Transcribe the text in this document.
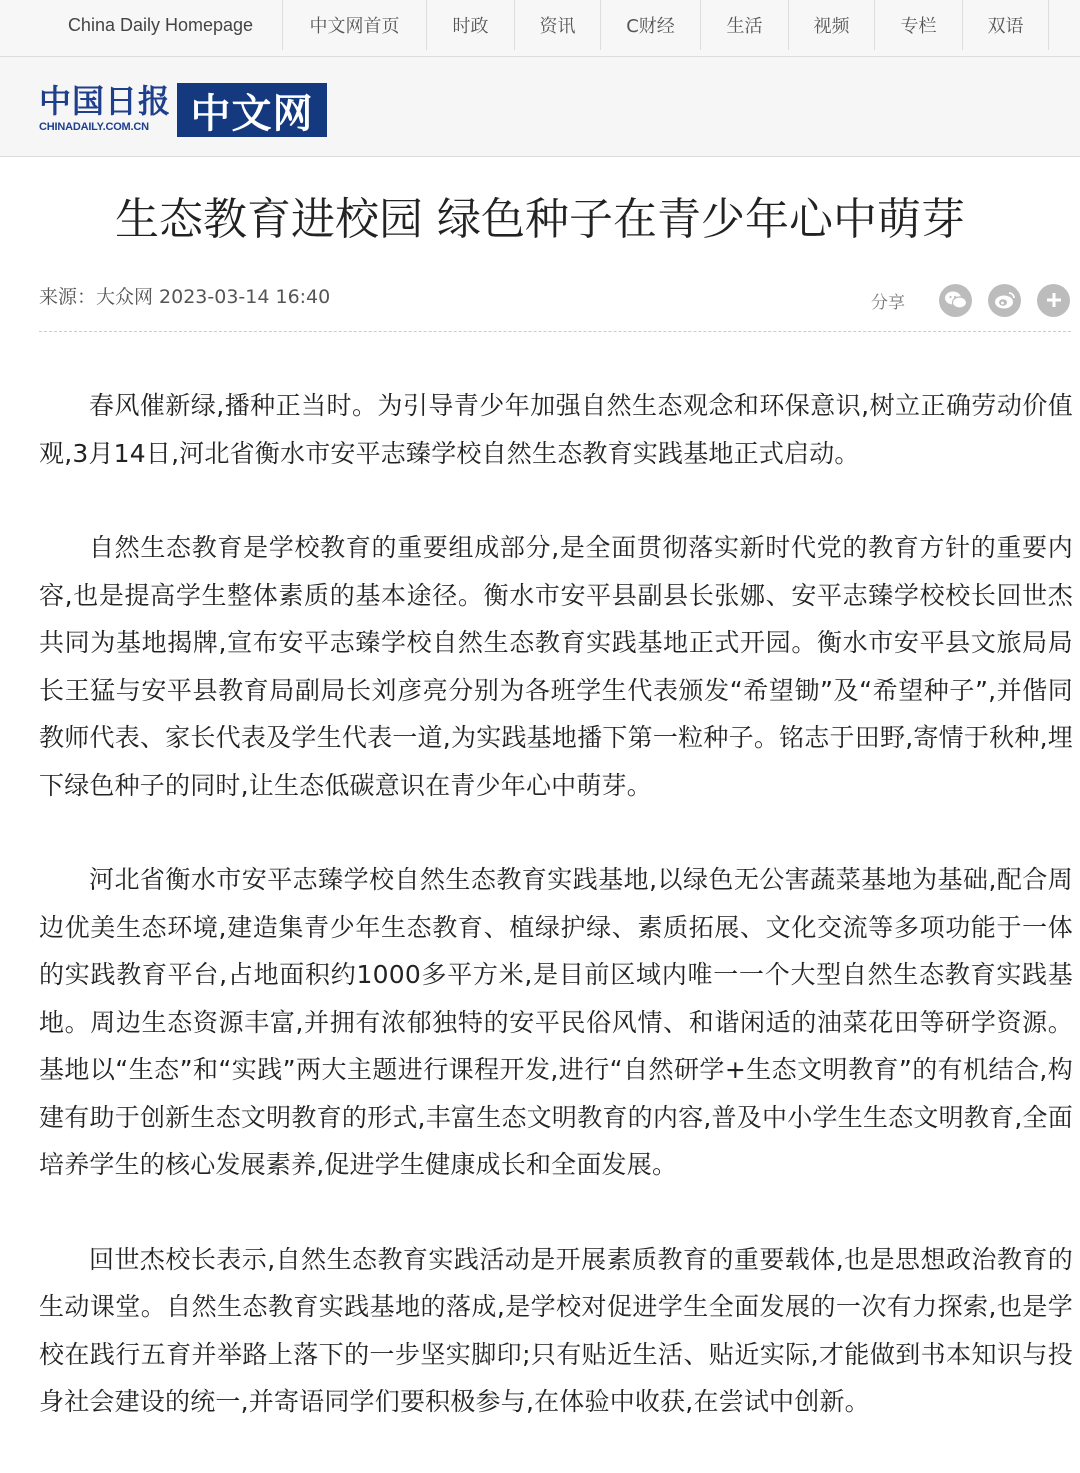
China Daily Homepage	中文网首页	时政	资讯	C财经	生活	视频	专栏	双语
中国日报
CHINADAILY.COM.CN	中文网
生态教育进校园 绿色种子在青少年心中萌芽
来源：大众网 2023-03-14 16:40	分享

春风催新绿,播种正当时。为引导青少年加强自然生态观念和环保意识,树立正确劳动价值观,3月14日,河北省衡水市安平志臻学校自然生态教育实践基地正式启动。

自然生态教育是学校教育的重要组成部分,是全面贯彻落实新时代党的教育方针的重要内容,也是提高学生整体素质的基本途径。衡水市安平县副县长张娜、安平志臻学校校长回世杰共同为基地揭牌,宣布安平志臻学校自然生态教育实践基地正式开园。衡水市安平县文旅局局长王猛与安平县教育局副局长刘彦亮分别为各班学生代表颁发“希望锄”及“希望种子”,并偕同教师代表、家长代表及学生代表一道,为实践基地播下第一粒种子。铭志于田野,寄情于秋种,埋下绿色种子的同时,让生态低碳意识在青少年心中萌芽。

河北省衡水市安平志臻学校自然生态教育实践基地,以绿色无公害蔬菜基地为基础,配合周边优美生态环境,建造集青少年生态教育、植绿护绿、素质拓展、文化交流等多项功能于一体的实践教育平台,占地面积约1000多平方米,是目前区域内唯一一个大型自然生态教育实践基地。周边生态资源丰富,并拥有浓郁独特的安平民俗风情、和谐闲适的油菜花田等研学资源。基地以“生态”和“实践”两大主题进行课程开发,进行“自然研学+生态文明教育”的有机结合,构建有助于创新生态文明教育的形式,丰富生态文明教育的内容,普及中小学生生态文明教育,全面培养学生的核心发展素养,促进学生健康成长和全面发展。

回世杰校长表示,自然生态教育实践活动是开展素质教育的重要载体,也是思想政治教育的生动课堂。自然生态教育实践基地的落成,是学校对促进学生全面发展的一次有力探索,也是学校在践行五育并举路上落下的一步坚实脚印;只有贴近生活、贴近实际,才能做到书本知识与投身社会建设的统一,并寄语同学们要积极参与,在体验中收获,在尝试中创新。
